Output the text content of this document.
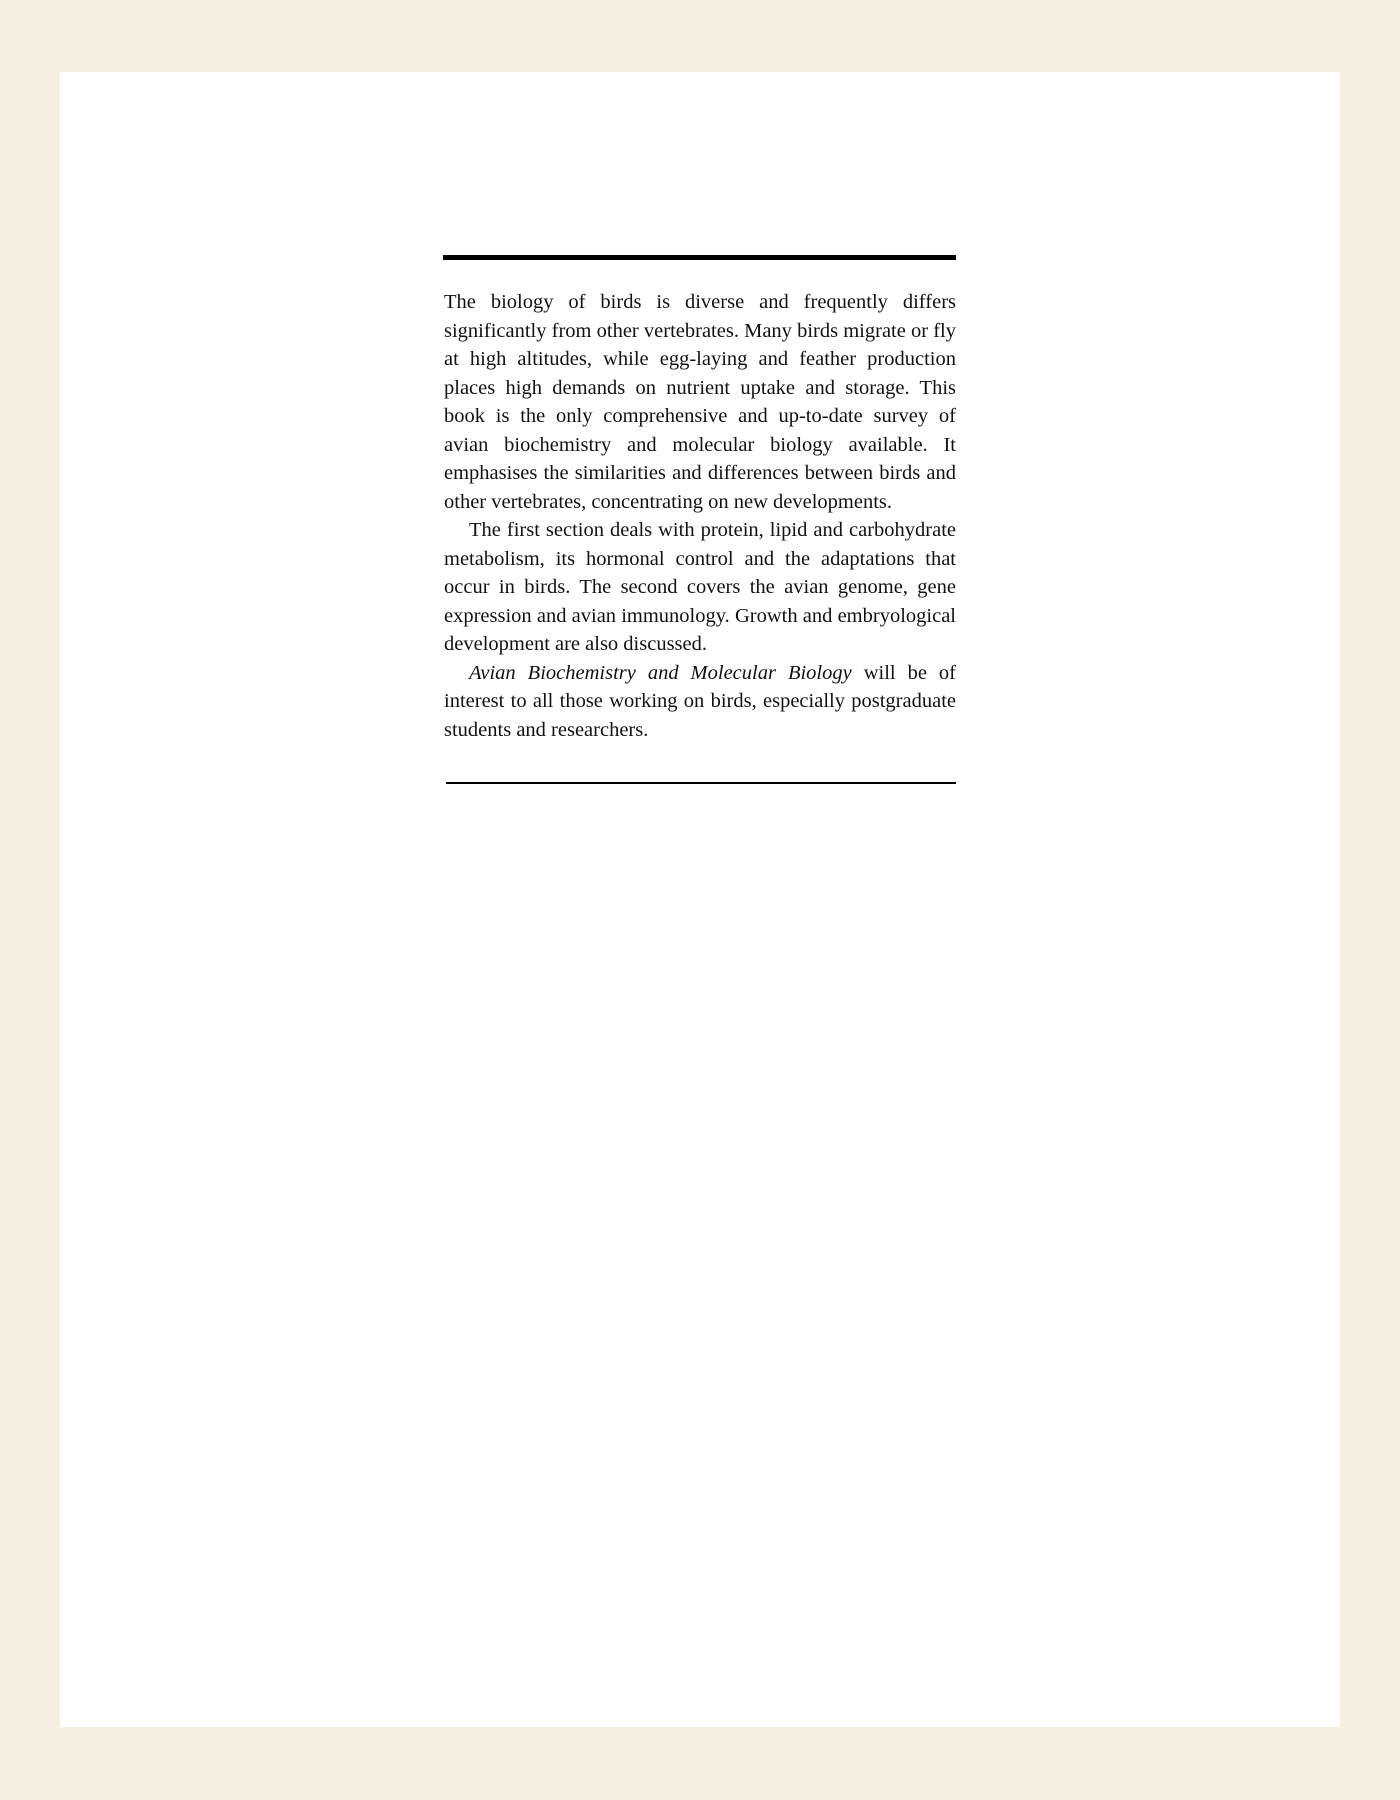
The biology of birds is diverse and frequently differs significantly from other vertebrates. Many birds migrate or fly at high altitudes, while egg-laying and feather production places high demands on nutrient uptake and storage. This book is the only comprehensive and up-to-date survey of avian biochemistry and molecular biology available. It emphasises the similarities and differences between birds and other vertebrates, concentrating on new developments.

The first section deals with protein, lipid and carbohydrate metabolism, its hormonal control and the adaptations that occur in birds. The second covers the avian genome, gene expression and avian immunology. Growth and embryological development are also discussed.

Avian Biochemistry and Molecular Biology will be of interest to all those working on birds, especially postgraduate students and researchers.
